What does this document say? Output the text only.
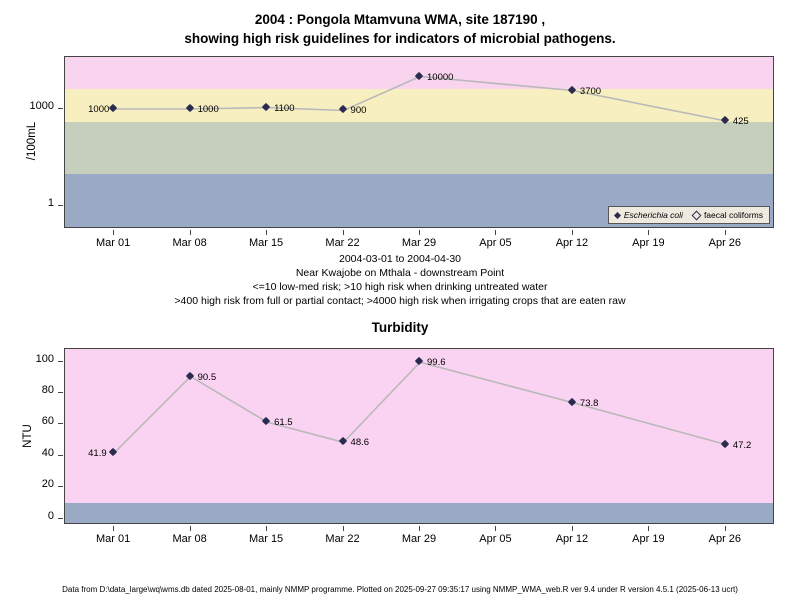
2004 : Pongola Mtamvuna WMA, site 187190 ,
showing high risk guidelines for indicators of microbial pathogens.
/100mL
1000	1000	1100	900
10000
3700
425
Escherichia coli faecal coliforms
Mar 01	Mar 08	Mar 15	Mar 22	Mar 29	Apr 05	Apr 12	Apr 19	Apr 26
1
1000
2004-03-01 to 2004-04-30
Near Kwajobe on Mthala - downstream Point
<=10 low-med risk; >10 high risk when drinking untreated water
>400 high risk from full or partial contact; >4000 high risk when irrigating crops that are eaten raw
Turbidity
NTU
41.9
90.5
61.5
48.6
99.6
73.8
47.2
Mar 01	Mar 08	Mar 15	Mar 22	Mar 29	Apr 05	Apr 12	Apr 19	Apr 26
0
20
40
60
80
100
Data from D:\data_large\wq\wms.db dated 2025-08-01, mainly NMMP programme. Plotted on 2025-09-27 09:35:17 using NMMP_WMA_web.R ver 9.4 under R version 4.5.1 (2025-06-13 ucrt)
